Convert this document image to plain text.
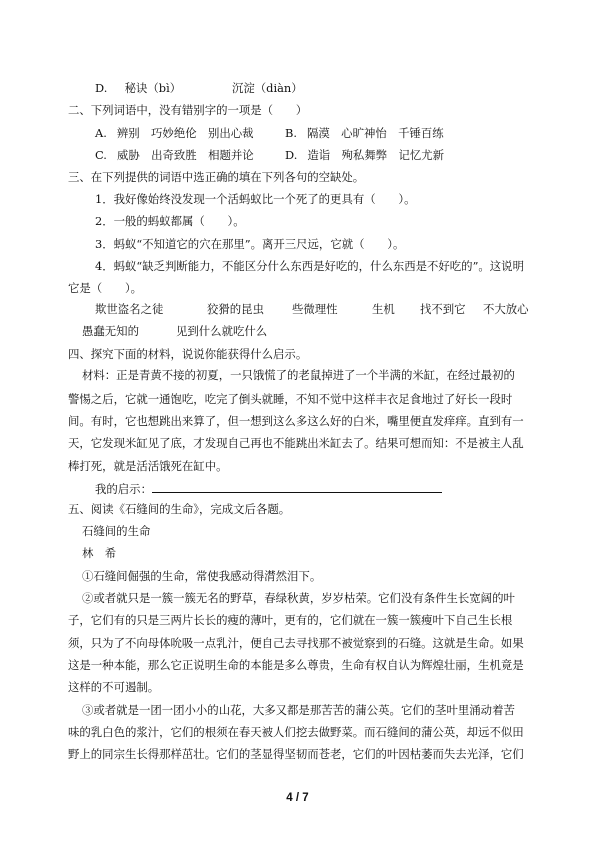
D. 秘诀（bì）	沉淀（diàn）
二、下列词语中，没有错别字的一项是（　　）
A. 辨别　巧妙绝伦　别出心裁	B. 隔漠　心旷神怡　千锤百练
C. 威胁　出奇致胜　相题并论	D. 造诣　殉私舞弊　记忆尤新
三、在下列提供的词语中选正确的填在下列各句的空缺处。
1．我好像始终没发现一个活蚂蚁比一个死了的更具有（　　）。
2．一般的蚂蚁都属（　　）。
3．蚂蚁“不知道它的穴在那里”。离开三尺远，它就（　　）。
4．蚂蚁“缺乏判断能力，不能区分什么东西是好吃的，什么东西是不好吃的”。这说明
它是（　　）。
欺世盗名之徒	狡猾的昆虫 些微理性	生机 找不到它 不大放心
愚蠢无知的	见到什么就吃什么
四、探究下面的材料，说说你能获得什么启示。
材料：正是青黄不接的初夏，一只饿慌了的老鼠掉进了一个半满的米缸，在经过最初的
警惕之后，它就一通饱吃，吃完了倒头就睡，不知不觉中这样丰衣足食地过了好长一段时
间。有时，它也想跳出来算了，但一想到这么多这么好的白米，嘴里便直发痒痒。直到有一
天，它发现米缸见了底，才发现自己再也不能跳出米缸去了。结果可想而知：不是被主人乱
棒打死，就是活活饿死在缸中。
我的启示：
五、阅读《石缝间的生命》，完成文后各题。
石缝间的生命
林　希
①石缝间倔强的生命，常使我感动得潸然泪下。
②或者就只是一簇一簇无名的野草，春绿秋黄，岁岁枯荣。它们没有条件生长宽阔的叶
子，它们有的只是三两片长长的瘦的薄叶，更有的，它们就在一簇一簇瘦叶下自己生长根
须，只为了不向母体吮吸一点乳汁，便自己去寻找那不被觉察到的石缝。这就是生命。如果
这是一种本能，那么它正说明生命的本能是多么尊贵，生命有权自认为辉煌壮丽，生机竟是
这样的不可遏制。
③或者就是一团一团小小的山花，大多又都是那苦苦的蒲公英。它们的茎叶里涌动着苦
味的乳白色的浆汁，它们的根须在春天被人们挖去做野菜。而石缝间的蒲公英，却远不似田
野上的同宗生长得那样茁壮。它们的茎显得坚韧而苍老，它们的叶因枯萎而失去光泽，它们
4 / 7
